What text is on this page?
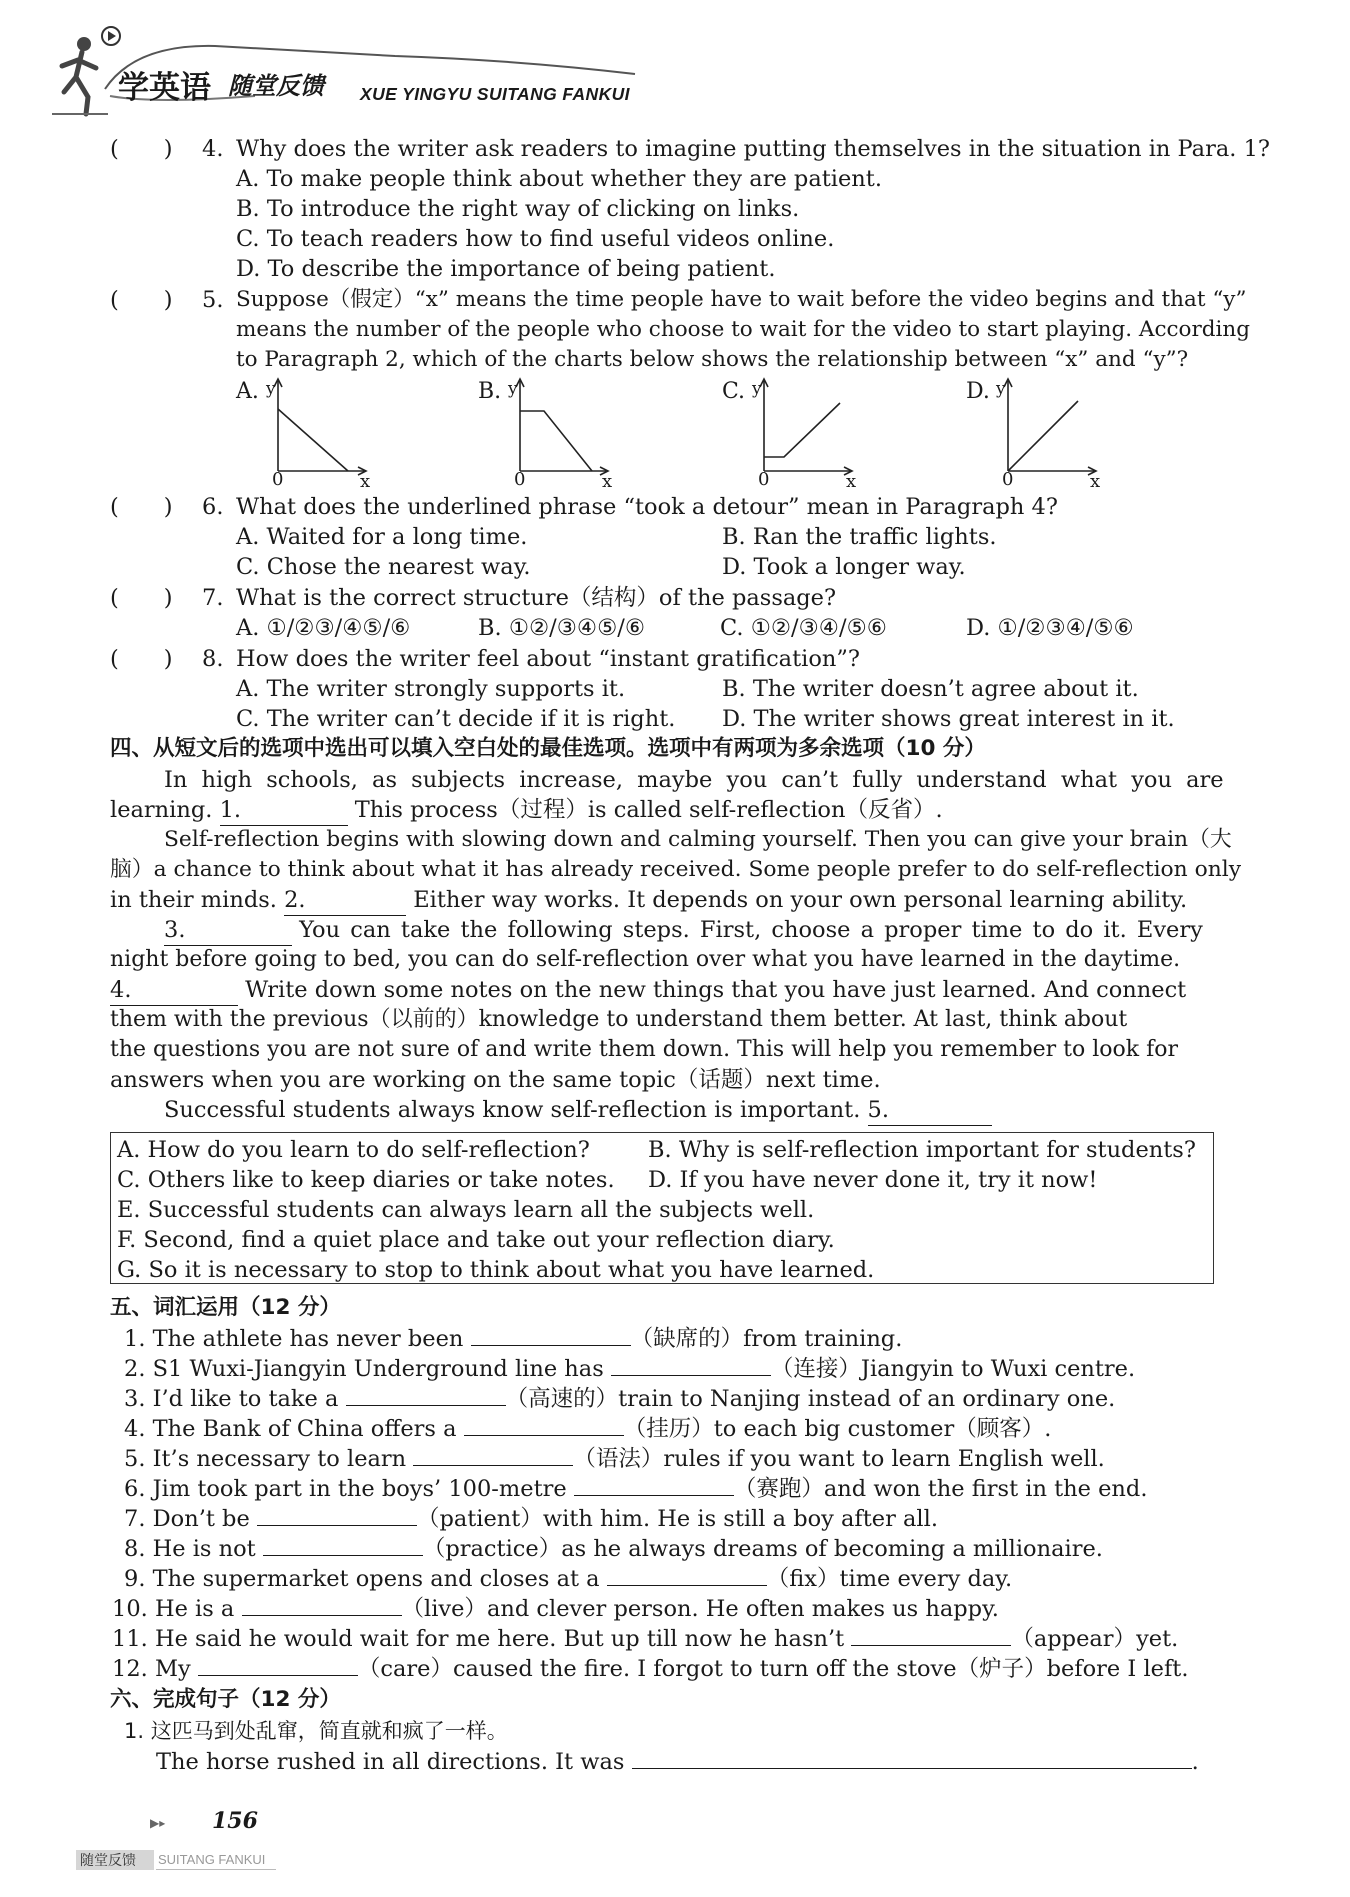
学英语 随堂反馈 XUE YINGYU SUITANG FANKUI
(　　) 4. Why does the writer ask readers to imagine putting themselves in the situation in Para. 1?
A. To make people think about whether they are patient.
B. To introduce the right way of clicking on links.
C. To teach readers how to find useful videos online.
D. To describe the importance of being patient.
(　　) 5. Suppose（假定）“x” means the time people have to wait before the video begins and that “y”
means the number of the people who choose to wait for the video to start playing. According
to Paragraph 2, which of the charts below shows the relationship between “x” and “y”?
A. y
0	x
B. y
0	x
C. y
0	x
D. y
0	x
(　　) 6. What does the underlined phrase “took a detour” mean in Paragraph 4?
A. Waited for a long time.	B. Ran the traffic lights.
C. Chose the nearest way.	D. Took a longer way.
(　　) 7. What is the correct structure（结构）of the passage?
A. ①/②③/④⑤/⑥	B. ①②/③④⑤/⑥	C. ①②/③④/⑤⑥	D. ①/②③④/⑤⑥
(　　) 8. How does the writer feel about “instant gratification”?
A. The writer strongly supports it.	B. The writer doesn’t agree about it.
C. The writer can’t decide if it is right. D. The writer shows great interest in it.
四、从短文后的选项中选出可以填入空白处的最佳选项。选项中有两项为多余选项（10 分）
In high schools, as subjects increase, maybe you can’t fully understand what you are
learning. 1.	This process（过程）is called self-reflection（反省）.
Self-reflection begins with slowing down and calming yourself. Then you can give your brain（大
脑）a chance to think about what it has already received. Some people prefer to do self-reflection only
in their minds. 2.	Either way works. It depends on your own personal learning ability.
3.	You can take the following steps. First, choose a proper time to do it. Every
night before going to bed, you can do self-reflection over what you have learned in the daytime.
4.	Write down some notes on the new things that you have just learned. And connect
them with the previous（以前的）knowledge to understand them better. At last, think about
the questions you are not sure of and write them down. This will help you remember to look for
answers when you are working on the same topic（话题）next time.
Successful students always know self-reflection is important. 5.
A. How do you learn to do self-reflection?	B. Why is self-reflection important for students?
C. Others like to keep diaries or take notes. D. If you have never done it, try it now!
E. Successful students can always learn all the subjects well.
F. Second, find a quiet place and take out your reflection diary.
G. So it is necessary to stop to think about what you have learned.
五、词汇运用（12 分）
1. The athlete has never been	（缺席的）from training.
2. S1 Wuxi-Jiangyin Underground line has	（连接）Jiangyin to Wuxi centre.
3. I’d like to take a	（高速的）train to Nanjing instead of an ordinary one.
4. The Bank of China offers a	（挂历）to each big customer（顾客）.
5. It’s necessary to learn	（语法）rules if you want to learn English well.
6. Jim took part in the boys’ 100-metre	（赛跑）and won the first in the end.
7. Don’t be	（patient）with him. He is still a boy after all.
8. He is not	（practice）as he always dreams of becoming a millionaire.
9. The supermarket opens and closes at a	（fix）time every day.
10. He is a	（live）and clever person. He often makes us happy.
11. He said he would wait for me here. But up till now he hasn’t	（appear）yet.
12. My	（care）caused the fire. I forgot to turn off the stove（炉子）before I left.
六、完成句子（12 分）
1. 这匹马到处乱窜，简直就和疯了一样。
The horse rushed in all directions. It was	.
▶▸ 156
随堂反馈 SUITANG FANKUI
